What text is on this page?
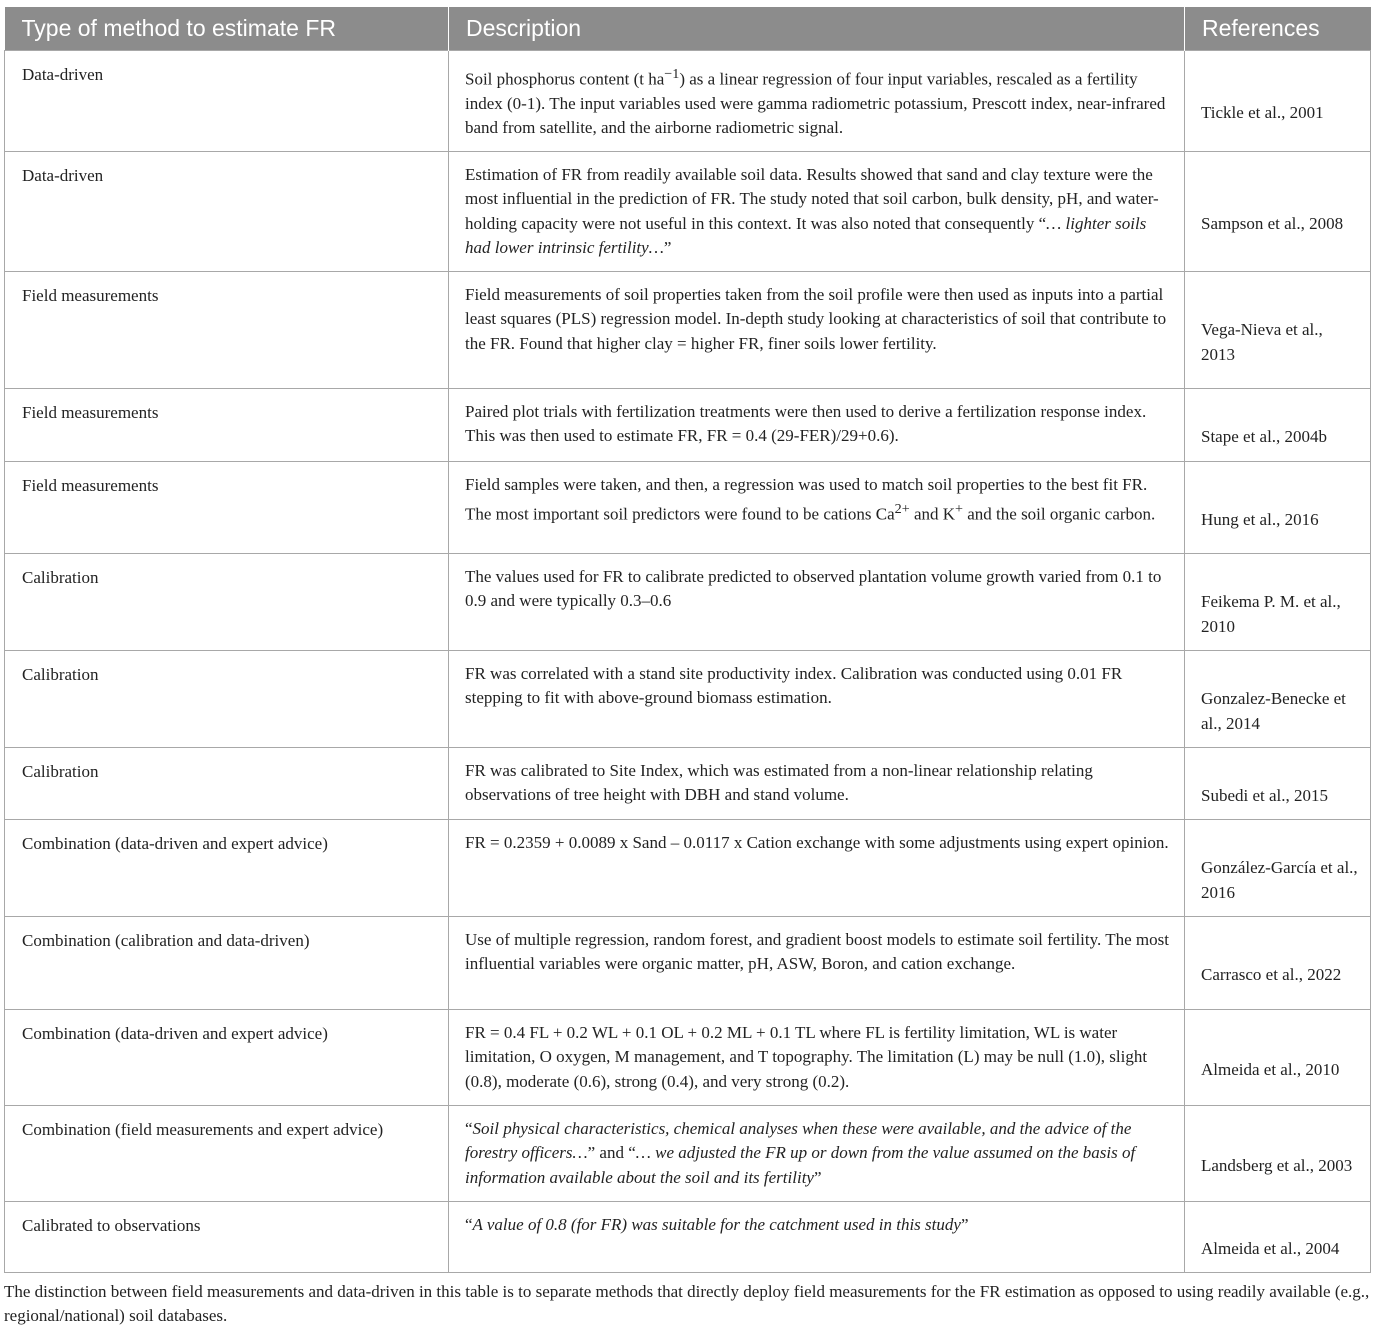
Type of method to estimate FR	Description	References
Data-driven	Soil phosphorus content (t $ha^{-1}$) as a linear regression of four input variables, rescaled as a fertility index (0-1). The input variables used were gamma radiometric potassium, Prescott index, near-infrared band from satellite, and the airborne radiometric signal.	Tickle et al., 2001

Data-driven	Estimation of FR from readily available soil data. Results showed that sand and clay texture were the most influential in the prediction of FR. The study noted that soil carbon, bulk density, pH, and water-holding capacity were not useful in this context. It was also noted that consequently “… lighter soils had lower intrinsic fertility…”	Sampson et al., 2008

Field measurements	Field measurements of soil properties taken from the soil profile were then used as inputs into a partial least squares (PLS) regression model. In-depth study looking at characteristics of soil that contribute to the FR. Found that higher clay = higher FR, finer soils lower fertility.	Vega-Nieva et al., 2013

Field measurements	Paired plot trials with fertilization treatments were then used to derive a fertilization response index. This was then used to estimate FR, FR = 0.4 (29-FER)/29+0.6).	Stape et al., 2004b

Field measurements	Field samples were taken, and then, a regression was used to match soil properties to the best fit FR. The most important soil predictors were found to be cations $Ca^{2+}$ and K+ and the soil organic carbon.	Hung et al., 2016

Calibration	The values used for FR to calibrate predicted to observed plantation volume growth varied from 0.1 to 0.9 and were typically 0.3–0.6	Feikema P. M. et al., 2010

Calibration	FR was correlated with a stand site productivity index. Calibration was conducted using 0.01 FR stepping to fit with above-ground biomass estimation.	Gonzalez-Benecke et al., 2014

Calibration	FR was calibrated to Site Index, which was estimated from a non-linear relationship relating observations of tree height with DBH and stand volume.	Subedi et al., 2015

Combination (data-driven and expert advice)	FR = 0.2359 + 0.0089 x Sand – 0.0117 x Cation exchange with some adjustments using expert opinion.	González-García et al., 2016

Combination (calibration and data-driven)	Use of multiple regression, random forest, and gradient boost models to estimate soil fertility. The most influential variables were organic matter, pH, ASW, Boron, and cation exchange.	Carrasco et al., 2022

Combination (data-driven and expert advice)	FR = 0.4 FL + 0.2 WL + 0.1 OL + 0.2 ML + 0.1 TL where FL is fertility limitation, WL is water limitation, O oxygen, M management, and T topography. The limitation (L) may be null (1.0), slight (0.8), moderate (0.6), strong (0.4), and very strong (0.2).	Almeida et al., 2010

Combination (field measurements and expert advice)	“Soil physical characteristics, chemical analyses when these were available, and the advice of the forestry officers…” and “… we adjusted the FR up or down from the value assumed on the basis of information available about the soil and its fertility”	Landsberg et al., 2003

Calibrated to observations	“A value of 0.8 (for FR) was suitable for the catchment used in this study”	Almeida et al., 2004
The distinction between field measurements and data-driven in this table is to separate methods that directly deploy field measurements for the FR estimation as opposed to using readily available (e.g., regional/national) soil databases.
